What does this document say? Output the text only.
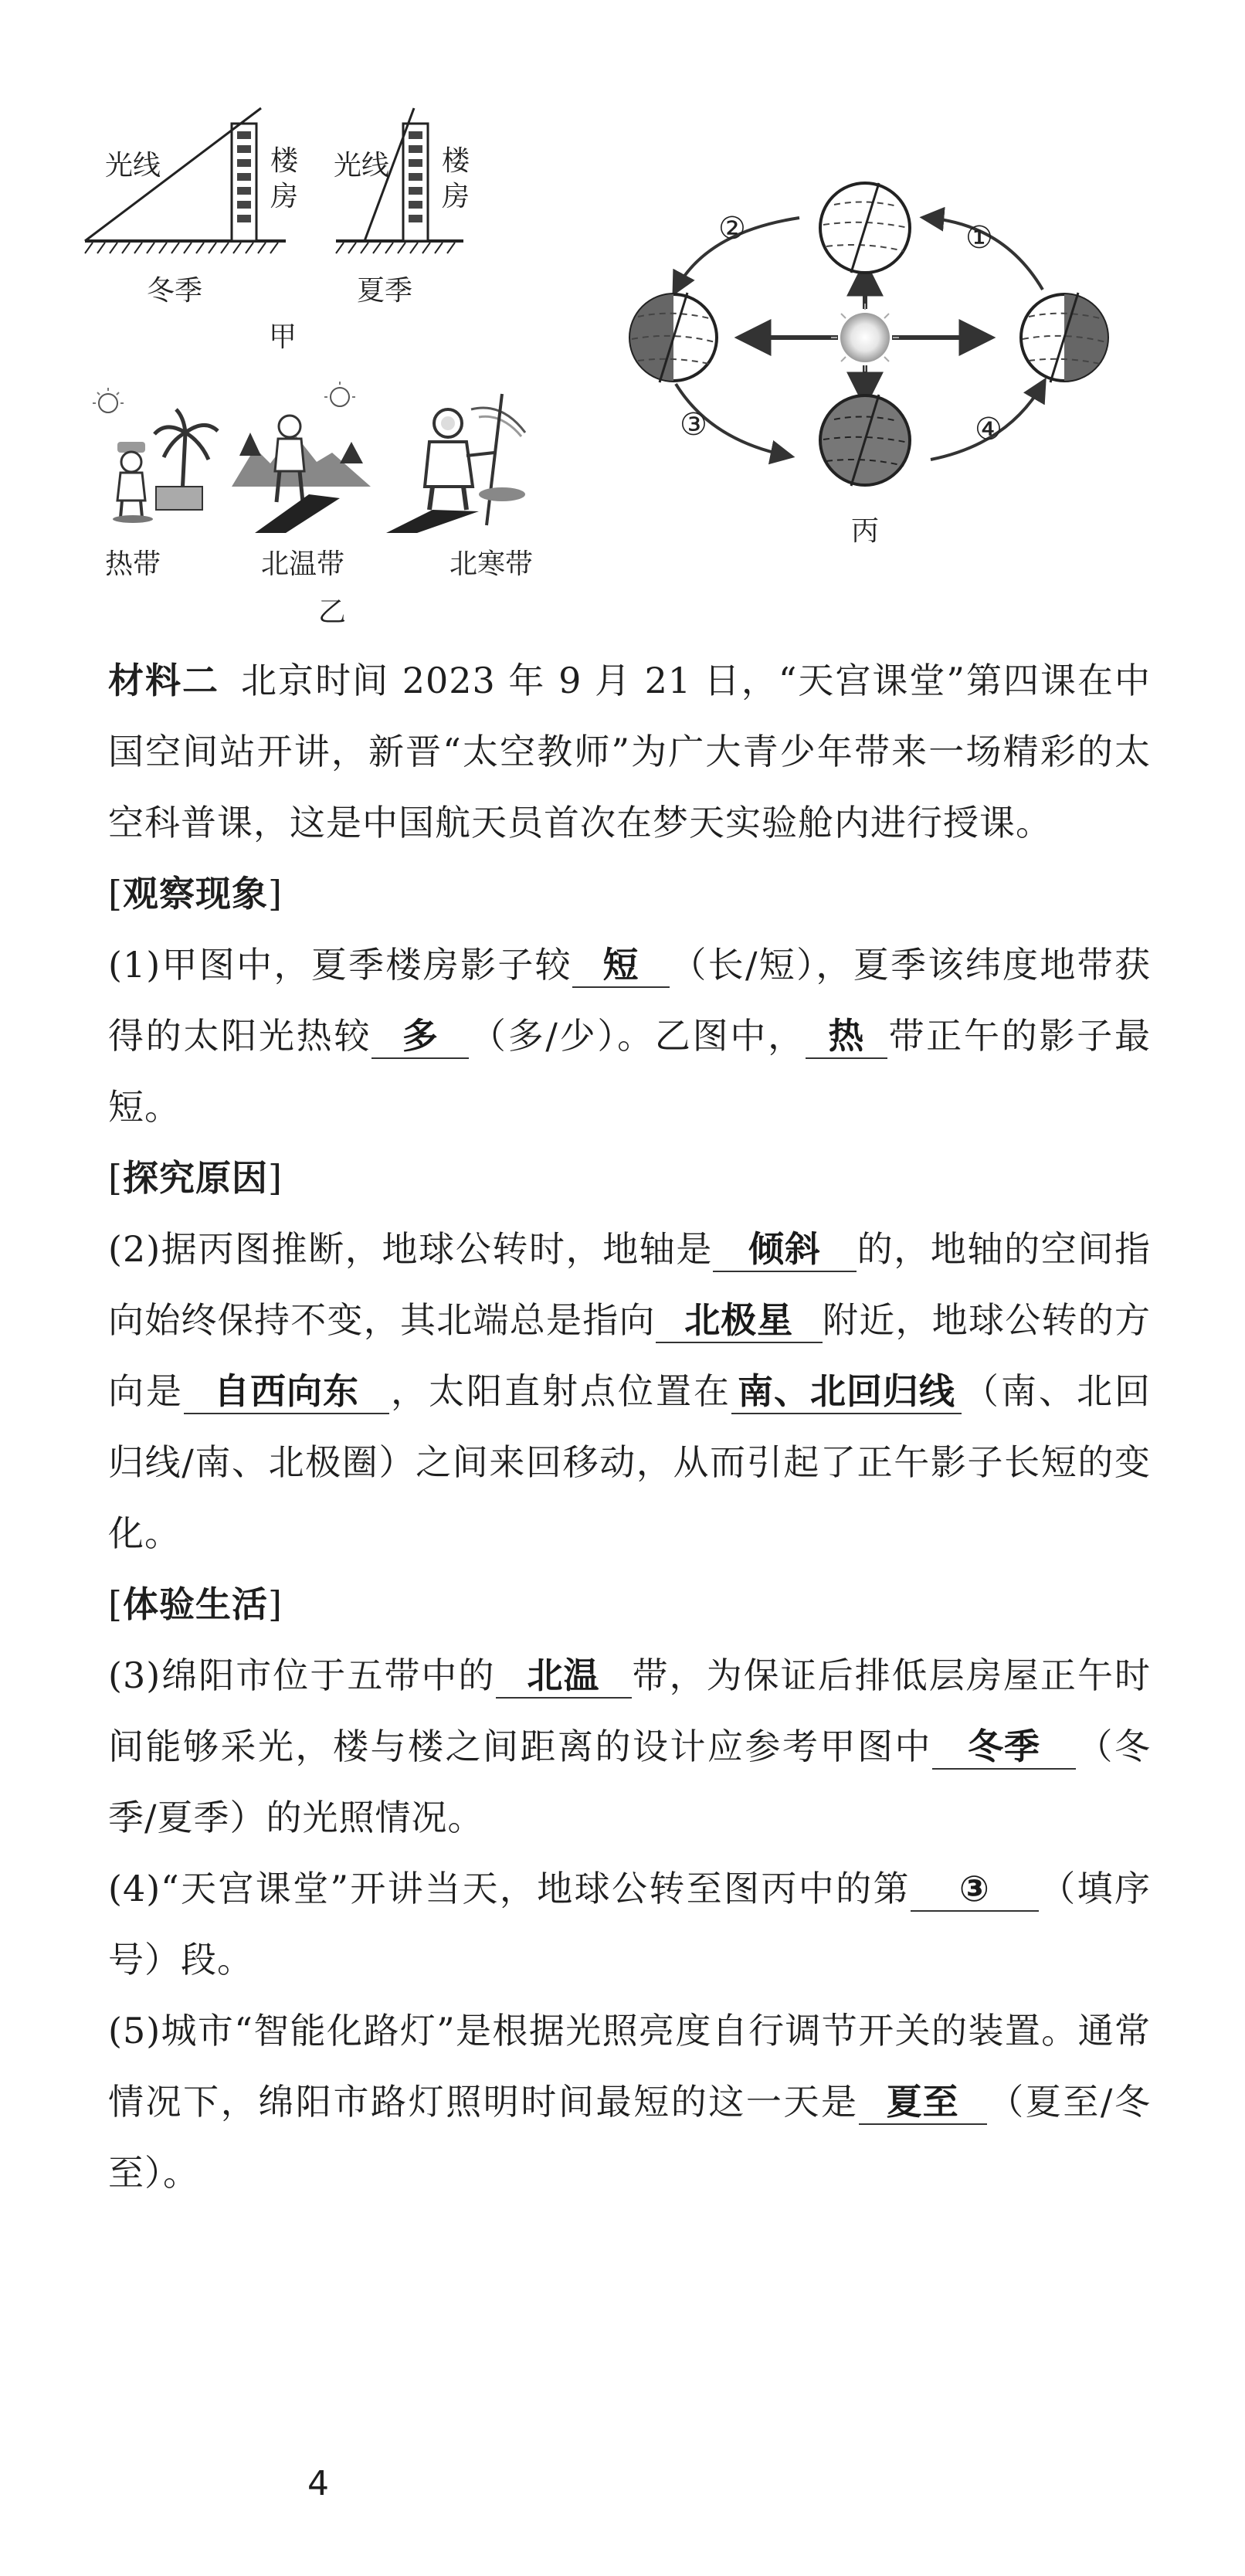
光线	楼
房
光线 楼
房
冬季	夏季
甲
热带	北温带	北寒带
乙
①
②
③	④
丙

材料二 北京时间 2023 年 9 月 21 日，“天宫课堂”第四课在中国空间站开讲，新晋“太空教师”为广大青少年带来一场精彩的太空科普课，这是中国航天员首次在梦天实验舱内进行授课。

[观察现象]

(1)甲图中，夏季楼房影子较 短 （长/短），夏季该纬度地带获得的太阳光热较 多 （多/少）。乙图中， 热 带正午的影子最短。

[探究原因]

(2)据丙图推断，地球公转时，地轴是 倾斜 的，地轴的空间指向始终保持不变，其北端总是指向 北极星 附近，地球公转的方向是 自西向东 ，太阳直射点位置在 南、北回归线 （南、北回归线/南、北极圈）之间来回移动，从而引起了正午影子长短的变化。

[体验生活]

(3)绵阳市位于五带中的 北温 带，为保证后排低层房屋正午时间能够采光，楼与楼之间距离的设计应参考甲图中 冬季 （冬季/夏季）的光照情况。

(4)“天宫课堂”开讲当天，地球公转至图丙中的第 ③ （填序号）段。

(5)城市“智能化路灯”是根据光照亮度自行调节开关的装置。通常情况下，绵阳市路灯照明时间最短的这一天是 夏至 （夏至/冬至）。

4
